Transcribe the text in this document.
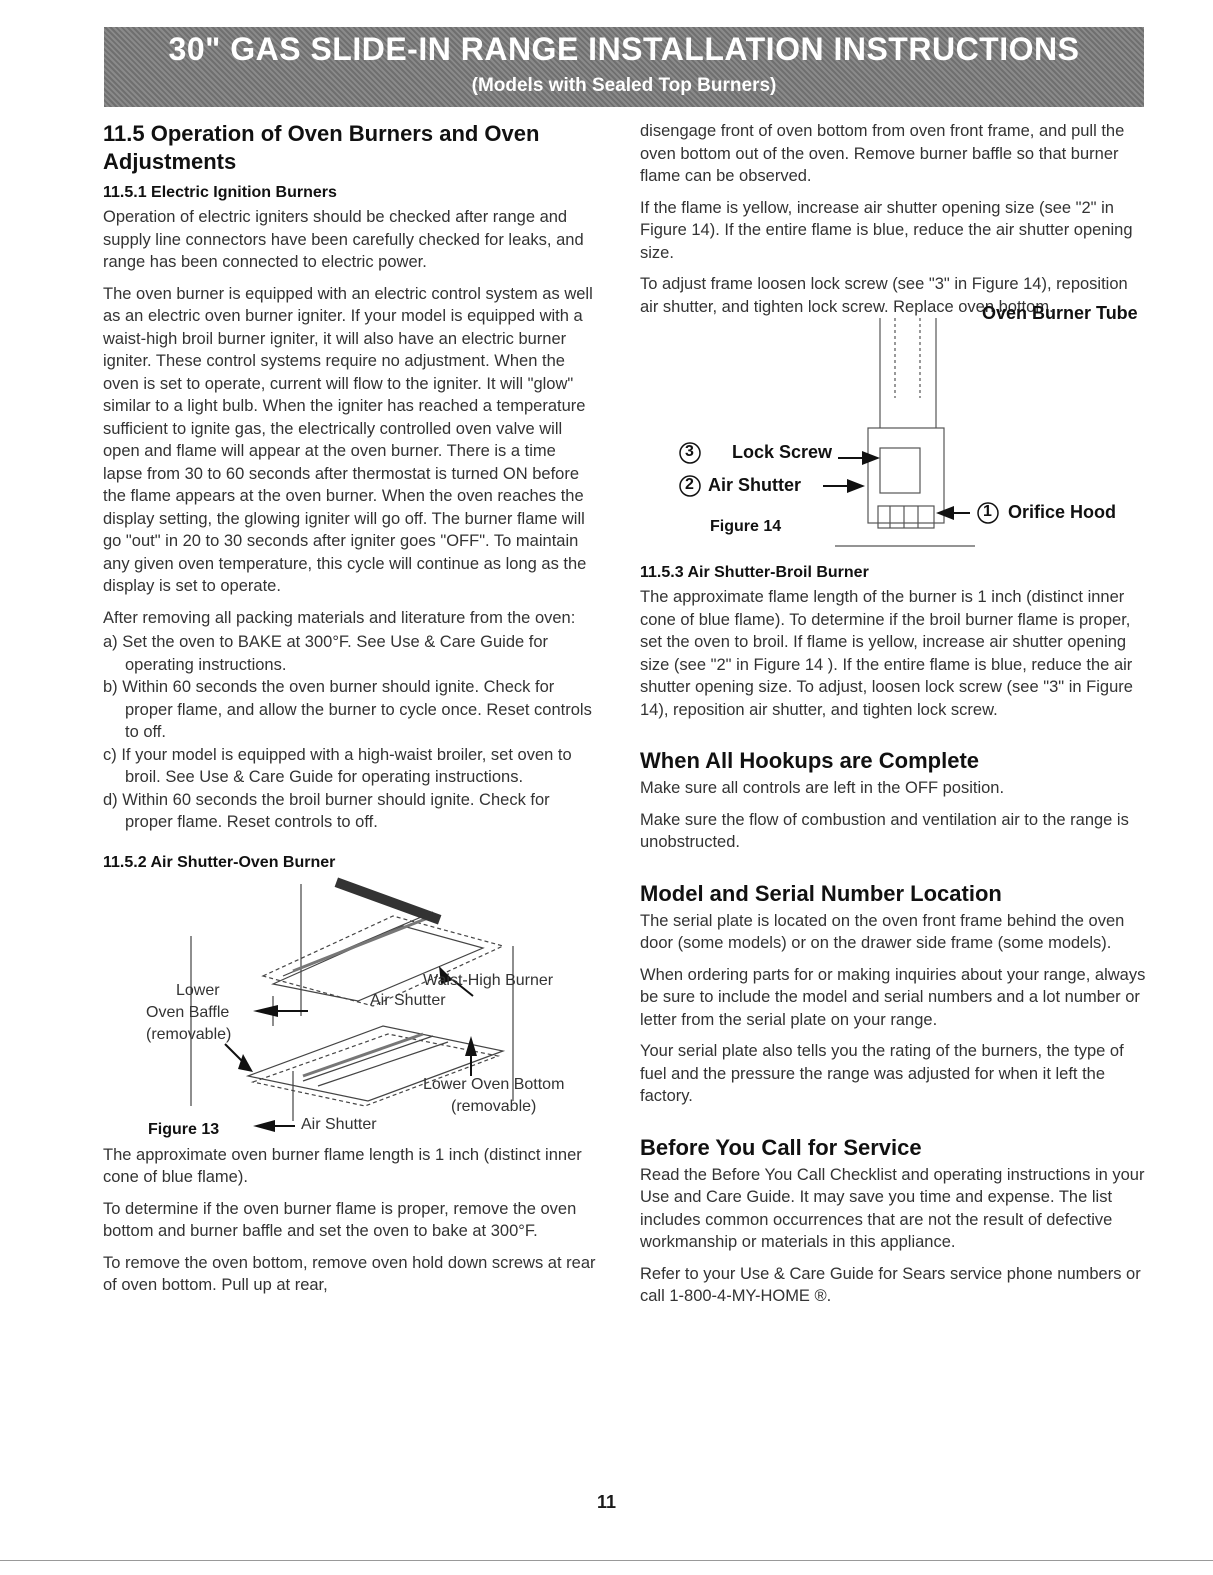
30" GAS SLIDE-IN RANGE INSTALLATION INSTRUCTIONS
(Models with Sealed Top Burners)
11.5 Operation of Oven Burners and Oven Adjustments
11.5.1 Electric Ignition Burners

Operation of electric igniters should be checked after range and supply line connectors have been carefully checked for leaks, and range has been connected to electric power.

The oven burner is equipped with an electric control system as well as an electric oven burner igniter. If your model is equipped with a waist-high broil burner igniter, it will also have an electric burner igniter. These control systems require no adjustment. When the oven is set to operate, current will flow to the igniter. It will "glow" similar to a light bulb. When the igniter has reached a temperature sufficient to ignite gas, the electrically controlled oven valve will open and flame will appear at the oven burner. There is a time lapse from 30 to 60 seconds after thermostat is turned ON before the flame appears at the oven burner. When the oven reaches the display setting, the glowing igniter will go off. The burner flame will go "out" in 20 to 30 seconds after igniter goes "OFF". To maintain any given oven temperature, this cycle will continue as long as the display is set to operate.

After removing all packing materials and literature from the oven:

a) Set the oven to BAKE at 300°F. See Use & Care Guide for operating instructions.
b) Within 60 seconds the oven burner should ignite. Check for proper flame, and allow the burner to cycle once. Reset controls to off.
c) If your model is equipped with a high-waist broiler, set oven to broil. See Use & Care Guide for operating instructions.
d) Within 60 seconds the broil burner should ignite. Check for proper flame. Reset controls to off.
11.5.2 Air Shutter-Oven Burner
Lower
Oven Baffle
(removable)
Waist-High Burner
Air Shutter
Lower Oven Bottom
(removable)
Air Shutter
Figure 13

The approximate oven burner flame length is 1 inch (distinct inner cone of blue flame).

To determine if the oven burner flame is proper, remove the oven bottom and burner baffle and set the oven to bake at 300°F.

To remove the oven bottom, remove oven hold down screws at rear of oven bottom. Pull up at rear,

disengage front of oven bottom from oven front frame, and pull the oven bottom out of the oven. Remove burner baffle so that burner flame can be observed.

If the flame is yellow, increase air shutter opening size (see "2" in Figure 14). If the entire flame is blue, reduce the air shutter opening size.

To adjust frame loosen lock screw (see "3" in Figure 14), reposition air shutter, and tighten lock screw. Replace oven bottom.

Oven Burner Tube
3 Lock Screw
2 Air Shutter
1 Orifice Hood
Figure 14
11.5.3 Air Shutter-Broil Burner

The approximate flame length of the burner is 1 inch (distinct inner cone of blue flame). To determine if the broil burner flame is proper, set the oven to broil. If flame is yellow, increase air shutter opening size (see "2" in Figure 14 ). If the entire flame is blue, reduce the air shutter opening size. To adjust, loosen lock screw (see "3" in Figure 14), reposition air shutter, and tighten lock screw.

When All Hookups are Complete

Make sure all controls are left in the OFF position.

Make sure the flow of combustion and ventilation air to the range is unobstructed.

Model and Serial Number Location

The serial plate is located on the oven front frame behind the oven door (some models) or on the drawer side frame (some models).

When ordering parts for or making inquiries about your range, always be sure to include the model and serial numbers and a lot number or letter from the serial plate on your range.

Your serial plate also tells you the rating of the burners, the type of fuel and the pressure the range was adjusted for when it left the factory.

Before You Call for Service

Read the Before You Call Checklist and operating instructions in your Use and Care Guide. It may save you time and expense. The list includes common occurrences that are not the result of defective workmanship or materials in this appliance.

Refer to your Use & Care Guide for Sears service phone numbers or call 1-800-4-MY-HOME ®.

11
